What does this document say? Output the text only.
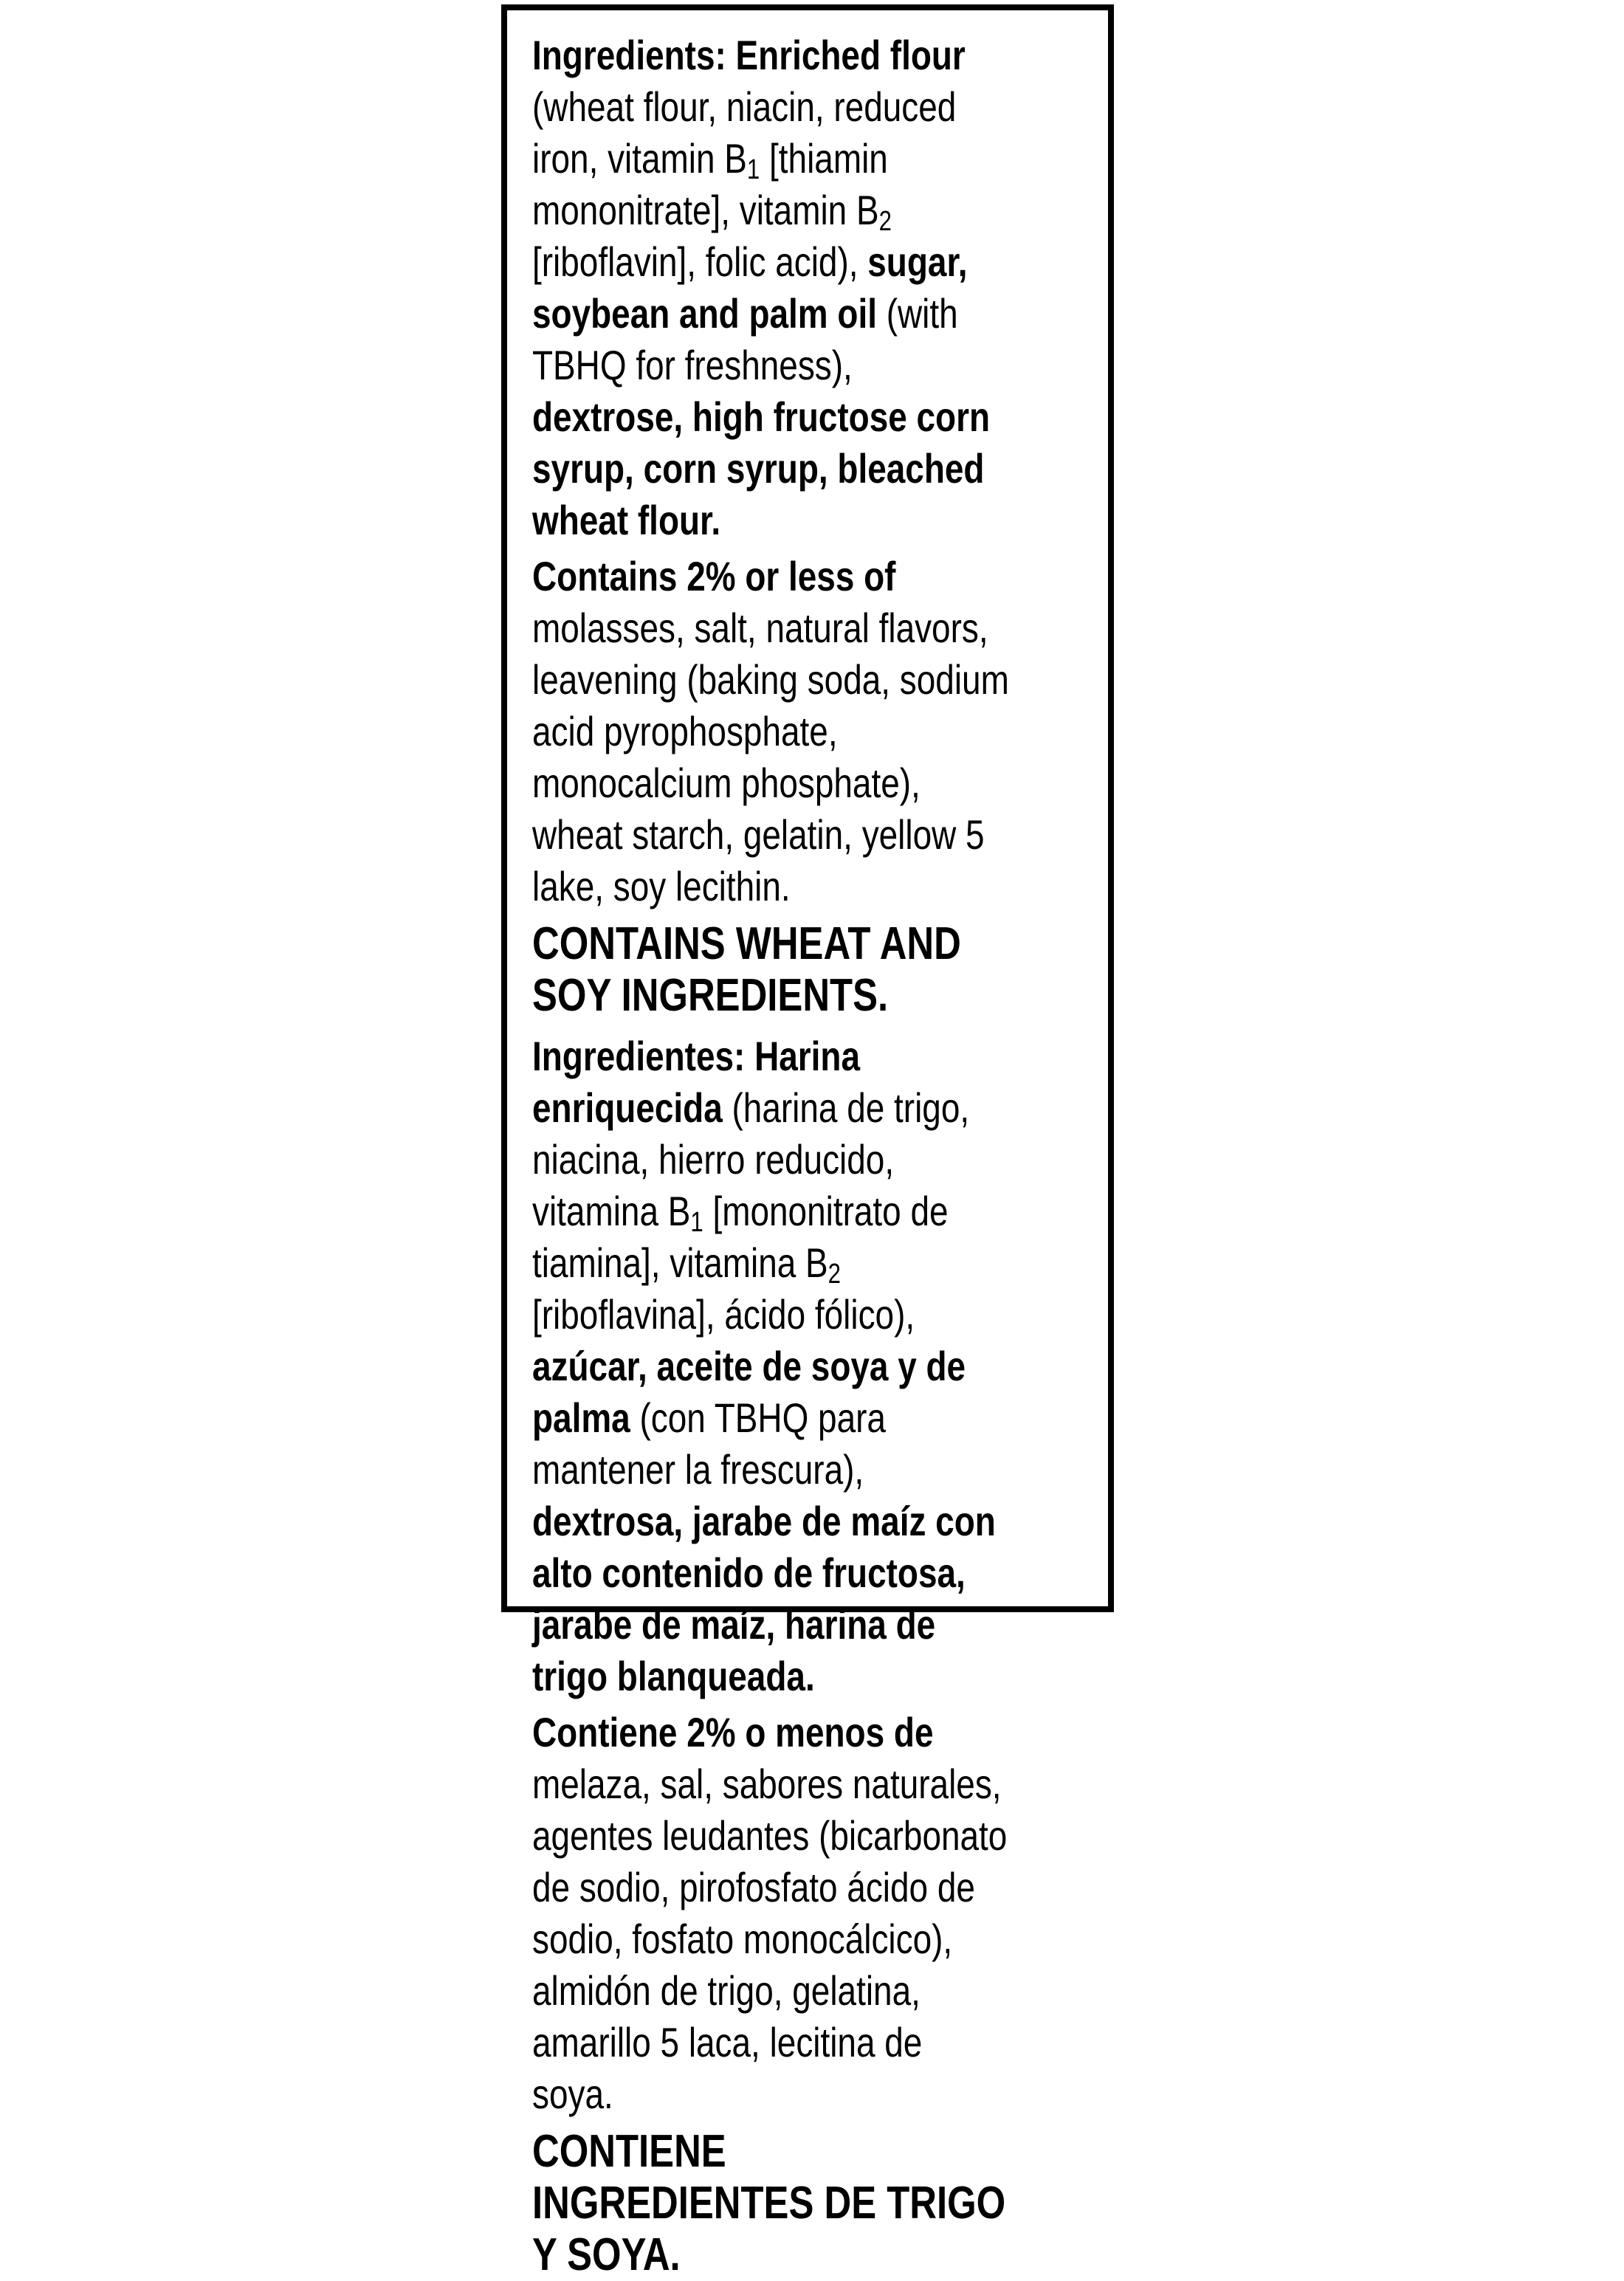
Ingredients: Enriched flour (wheat flour, niacin, reduced iron, vitamin $B_1$ [thiamin mononitrate], vitamin $B_2$ [riboflavin], folic acid), sugar, soybean and palm oil (with TBHQ for freshness), dextrose, high fructose corn syrup, corn syrup, bleached wheat flour.

Contains 2% or less of molasses, salt, natural flavors, leavening (baking soda, sodium acid pyrophosphate, monocalcium phosphate), wheat starch, gelatin, yellow 5 lake, soy lecithin.

CONTAINS WHEAT AND SOY INGREDIENTS.

Ingredientes: Harina enriquecida (harina de trigo, niacina, hierro reducido, vitamina $B_1$ [mononitrato de tiamina], vitamina $B_2$ [riboflavina], ácido fólico), azúcar, aceite de soya y de palma (con TBHQ para mantener la frescura), dextrosa, jarabe de maíz con alto contenido de fructosa, jarabe de maíz, harina de trigo blanqueada.

Contiene 2% o menos de melaza, sal, sabores naturales, agentes leudantes (bicarbonato de sodio, pirofosfato ácido de sodio, fosfato monocálcico), almidón de trigo, gelatina, amarillo 5 laca, lecitina de soya.

CONTIENE INGREDIENTES DE TRIGO Y SOYA.
